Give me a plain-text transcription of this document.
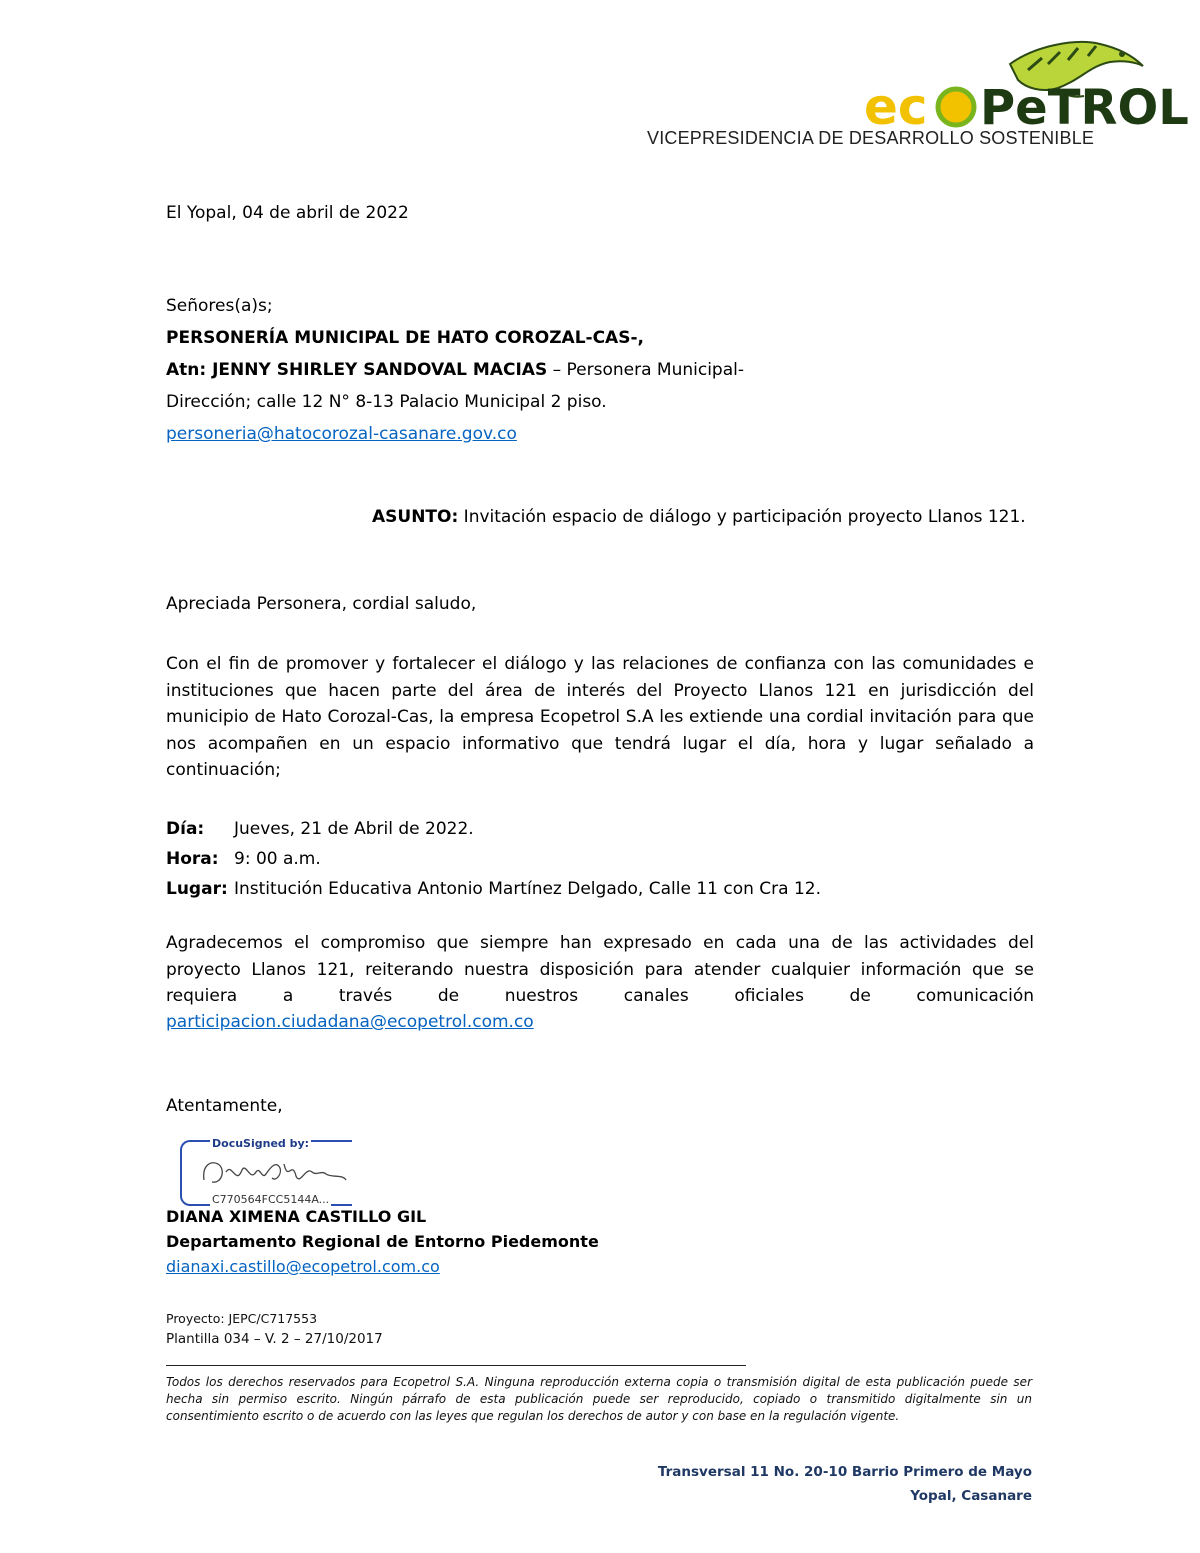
ec PeTROL
VICEPRESIDENCIA DE DESARROLLO SOSTENIBLE
El Yopal, 04 de abril de 2022
Señores(a)s;
PERSONERÍA MUNICIPAL DE HATO COROZAL-CAS-,
Atn: JENNY SHIRLEY SANDOVAL MACIAS – Personera Municipal-
Dirección; calle 12 N° 8-13 Palacio Municipal 2 piso.
personeria@hatocorozal-casanare.gov.co
ASUNTO: Invitación espacio de diálogo y participación proyecto Llanos 121.
Apreciada Personera, cordial saludo,
Con el fin de promover y fortalecer el diálogo y las relaciones de confianza con las comunidades e instituciones que hacen parte del área de interés del Proyecto Llanos 121 en jurisdicción del municipio de Hato Corozal-Cas, la empresa Ecopetrol S.A les extiende una cordial invitación para que nos acompañen en un espacio informativo que tendrá lugar el día, hora y lugar señalado a continuación;
Día:	Jueves, 21 de Abril de 2022.
Hora: 9: 00 a.m.
Lugar: Institución Educativa Antonio Martínez Delgado, Calle 11 con Cra 12.
Agradecemos el compromiso que siempre han expresado en cada una de las actividades del proyecto Llanos 121, reiterando nuestra disposición para atender cualquier información que se requiera a través de nuestros canales oficiales de comunicación
participacion.ciudadana@ecopetrol.com.co
Atentamente,
DocuSigned by:
C770564FCC5144A...
DIANA XIMENA CASTILLO GIL
Departamento Regional de Entorno Piedemonte
dianaxi.castillo@ecopetrol.com.co
Proyecto: JEPC/C717553
Plantilla 034 – V. 2 – 27/10/2017
Todos los derechos reservados para Ecopetrol S.A. Ninguna reproducción externa copia o transmisión digital de esta publicación puede ser hecha sin permiso escrito. Ningún párrafo de esta publicación puede ser reproducido, copiado o transmitido digitalmente sin un consentimiento escrito o de acuerdo con las leyes que regulan los derechos de autor y con base en la regulación vigente.
Transversal 11 No. 20-10 Barrio Primero de Mayo
Yopal, Casanare
